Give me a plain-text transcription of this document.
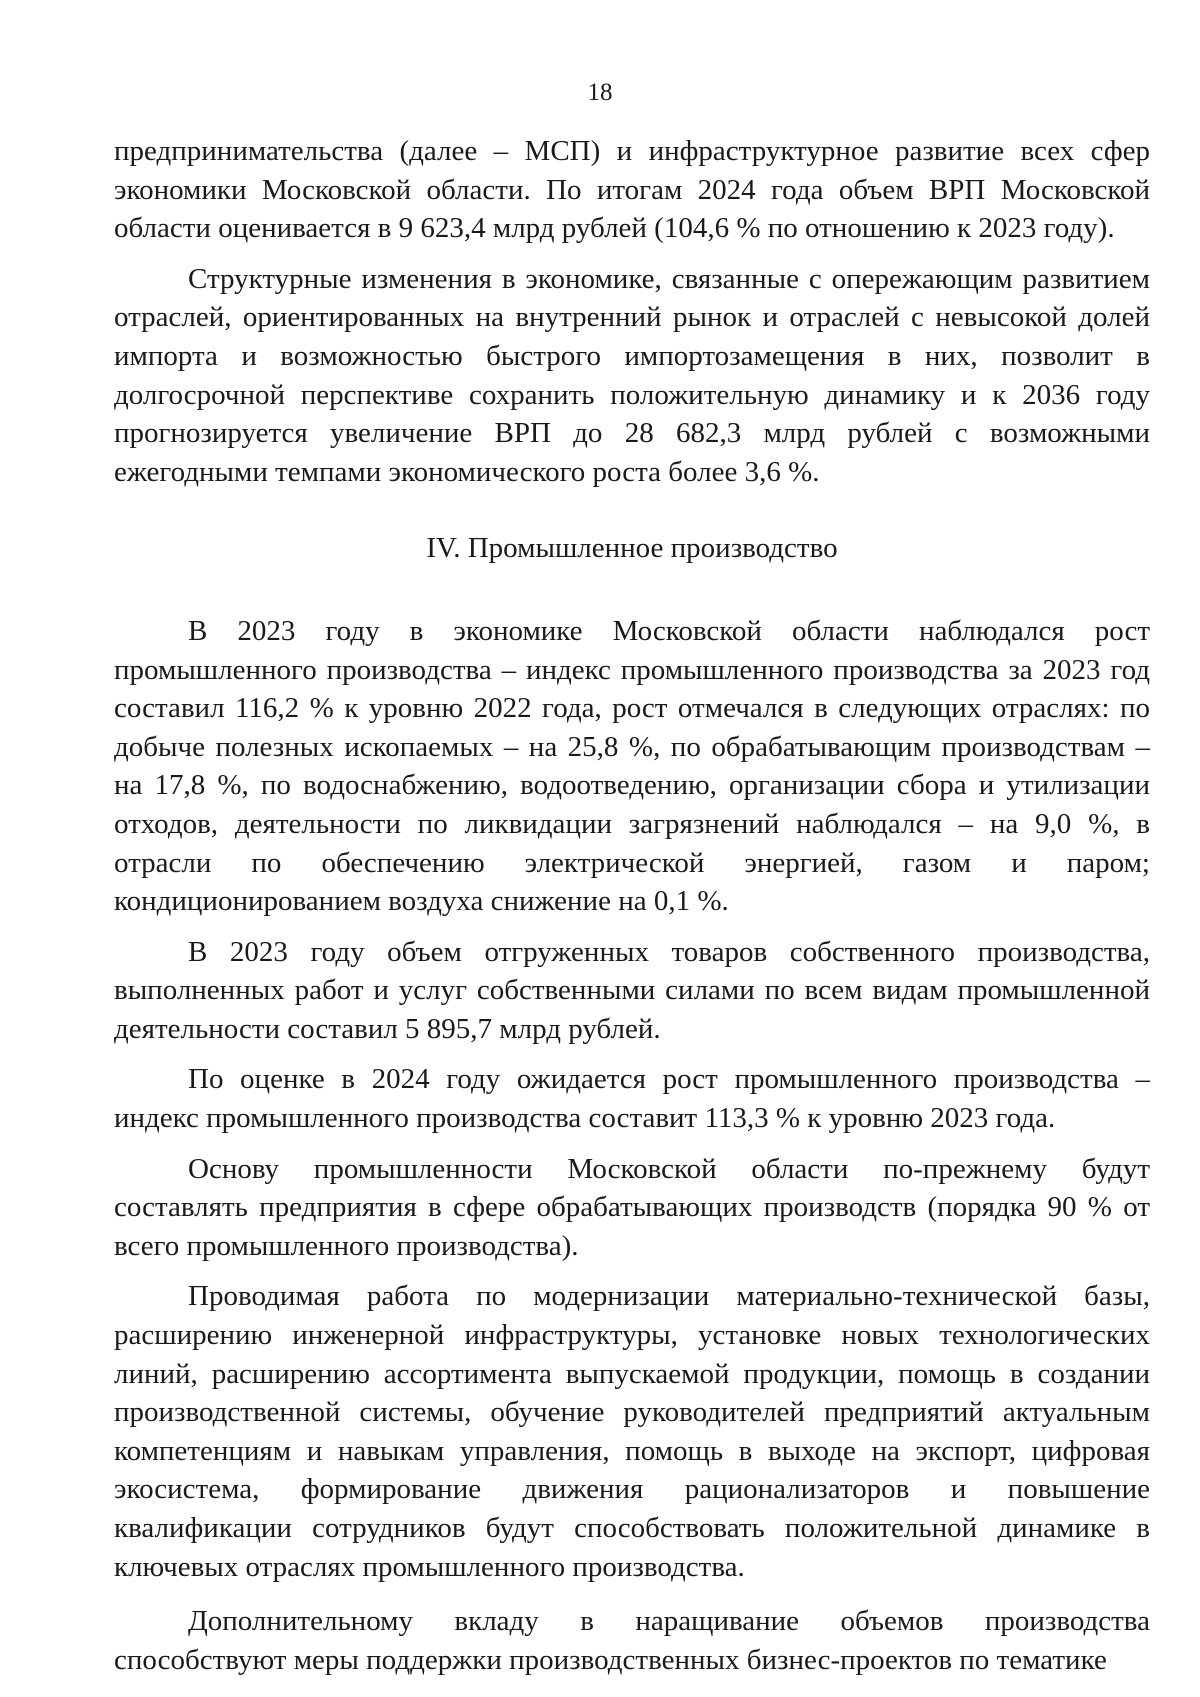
18

предпринимательства (далее – МСП) и инфраструктурное развитие всех сфер экономики Московской области. По итогам 2024 года объем ВРП Московской области оценивается в 9 623,4 млрд рублей (104,6 % по отношению к 2023 году).

Структурные изменения в экономике, связанные с опережающим развитием отраслей, ориентированных на внутренний рынок и отраслей с невысокой долей импорта и возможностью быстрого импортозамещения в них, позволит в долгосрочной перспективе сохранить положительную динамику и к 2036 году прогнозируется увеличение ВРП до 28 682,3 млрд рублей с возможными ежегодными темпами экономического роста более 3,6 %.

IV. Промышленное производство

В 2023 году в экономике Московской области наблюдался рост промышленного производства – индекс промышленного производства за 2023 год составил 116,2 % к уровню 2022 года, рост отмечался в следующих отраслях: по добыче полезных ископаемых – на 25,8 %, по обрабатывающим производствам – на 17,8 %, по водоснабжению, водоотведению, организации сбора и утилизации отходов, деятельности по ликвидации загрязнений наблюдался – на 9,0 %, в отрасли по обеспечению электрической энергией, газом и паром; кондиционированием воздуха снижение на 0,1 %.

В 2023 году объем отгруженных товаров собственного производства, выполненных работ и услуг собственными силами по всем видам промышленной деятельности составил 5 895,7 млрд рублей.

По оценке в 2024 году ожидается рост промышленного производства – индекс промышленного производства составит 113,3 % к уровню 2023 года.

Основу промышленности Московской области по-прежнему будут составлять предприятия в сфере обрабатывающих производств (порядка 90 % от всего промышленного производства).

Проводимая работа по модернизации материально-технической базы, расширению инженерной инфраструктуры, установке новых технологических линий, расширению ассортимента выпускаемой продукции, помощь в создании производственной системы, обучение руководителей предприятий актуальным компетенциям и навыкам управления, помощь в выходе на экспорт, цифровая экосистема, формирование движения рационализаторов и повышение квалификации сотрудников будут способствовать положительной динамике в ключевых отраслях промышленного производства.

Дополнительному вкладу в наращивание объемов производства способствуют меры поддержки производственных бизнес-проектов по тематике
